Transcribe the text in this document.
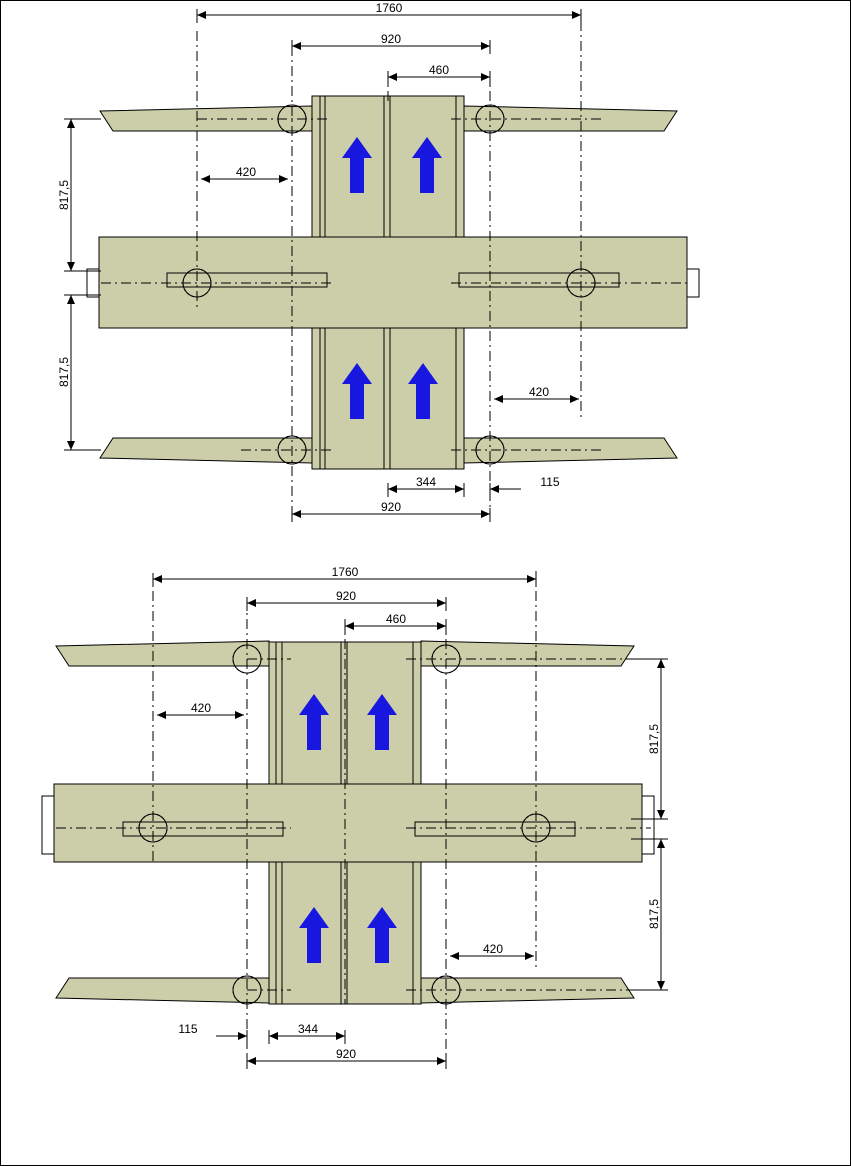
1760
920
460
420
420
344	115
920
817,5
817,5
1760
920
460
420
420
115	344
920
817,5
817,5
